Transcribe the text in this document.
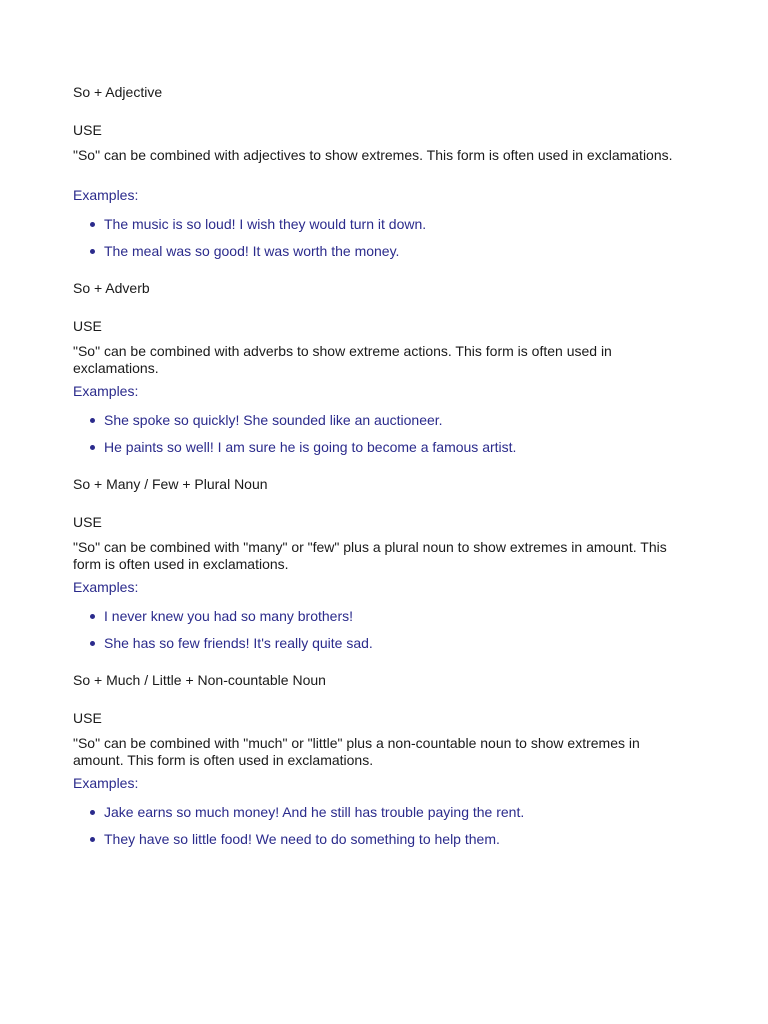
So + Adjective
USE
"So" can be combined with adjectives to show extremes. This form is often used in exclamations.
Examples:
The music is so loud! I wish they would turn it down.
The meal was so good! It was worth the money.
So + Adverb
USE
"So" can be combined with adverbs to show extreme actions. This form is often used in exclamations.
Examples:
She spoke so quickly! She sounded like an auctioneer.
He paints so well! I am sure he is going to become a famous artist.
So + Many / Few + Plural Noun
USE
"So" can be combined with "many" or "few" plus a plural noun to show extremes in amount. This form is often used in exclamations.
Examples:
I never knew you had so many brothers!
She has so few friends! It's really quite sad.
So + Much / Little + Non-countable Noun
USE
"So" can be combined with "much" or "little" plus a non-countable noun to show extremes in amount. This form is often used in exclamations.
Examples:
Jake earns so much money! And he still has trouble paying the rent.
They have so little food! We need to do something to help them.
